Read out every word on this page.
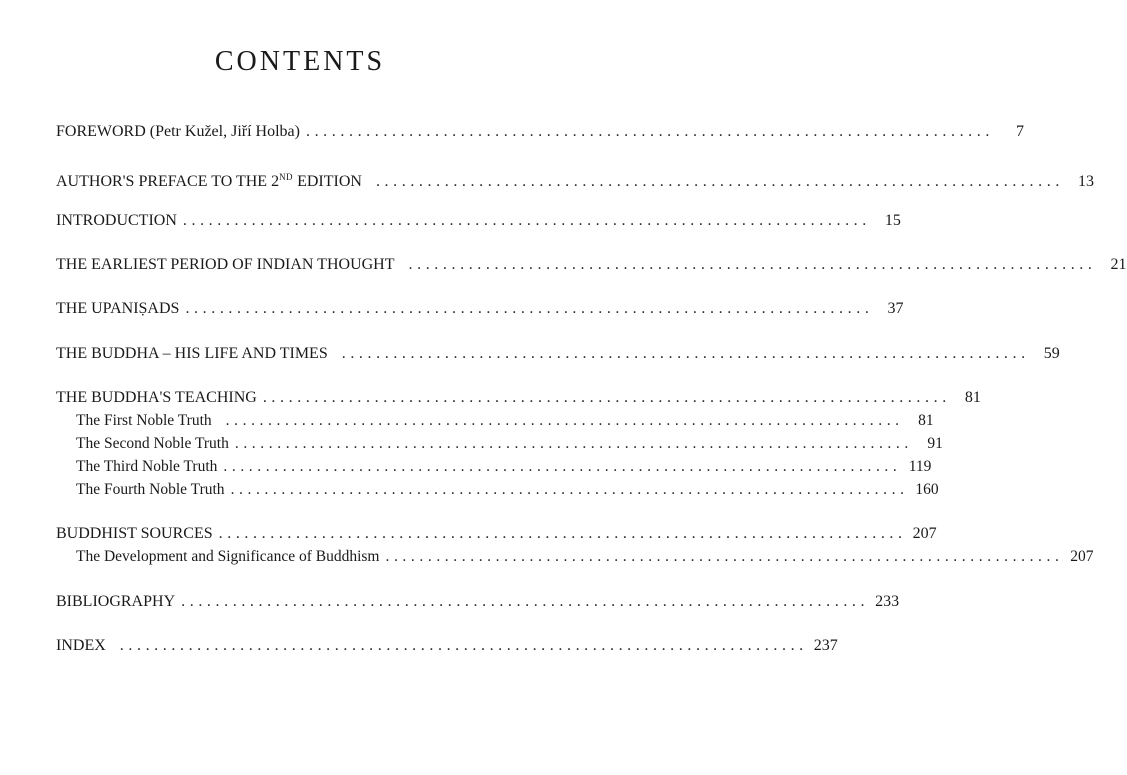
CONTENTS
FOREWORD (Petr Kužel, Jiří Holba) ................................................................................	7
AUTHOR'S PREFACE TO THE 2ND EDITION ................................................................................ 13
INTRODUCTION ................................................................................ 15
THE EARLIEST PERIOD OF INDIAN THOUGHT ................................................................................ 21
THE UPANIṢADS ................................................................................ 37
THE BUDDHA – HIS LIFE AND TIMES ................................................................................ 59
THE BUDDHA'S TEACHING ................................................................................ 81
The First Noble Truth ................................................................................ 81
The Second Noble Truth ................................................................................ 91
The Third Noble Truth ................................................................................ 119
The Fourth Noble Truth ................................................................................ 160
BUDDHIST SOURCES ................................................................................ 207
The Development and Significance of Buddhism ................................................................................ 207
BIBLIOGRAPHY ................................................................................ 233
INDEX ................................................................................ 237
